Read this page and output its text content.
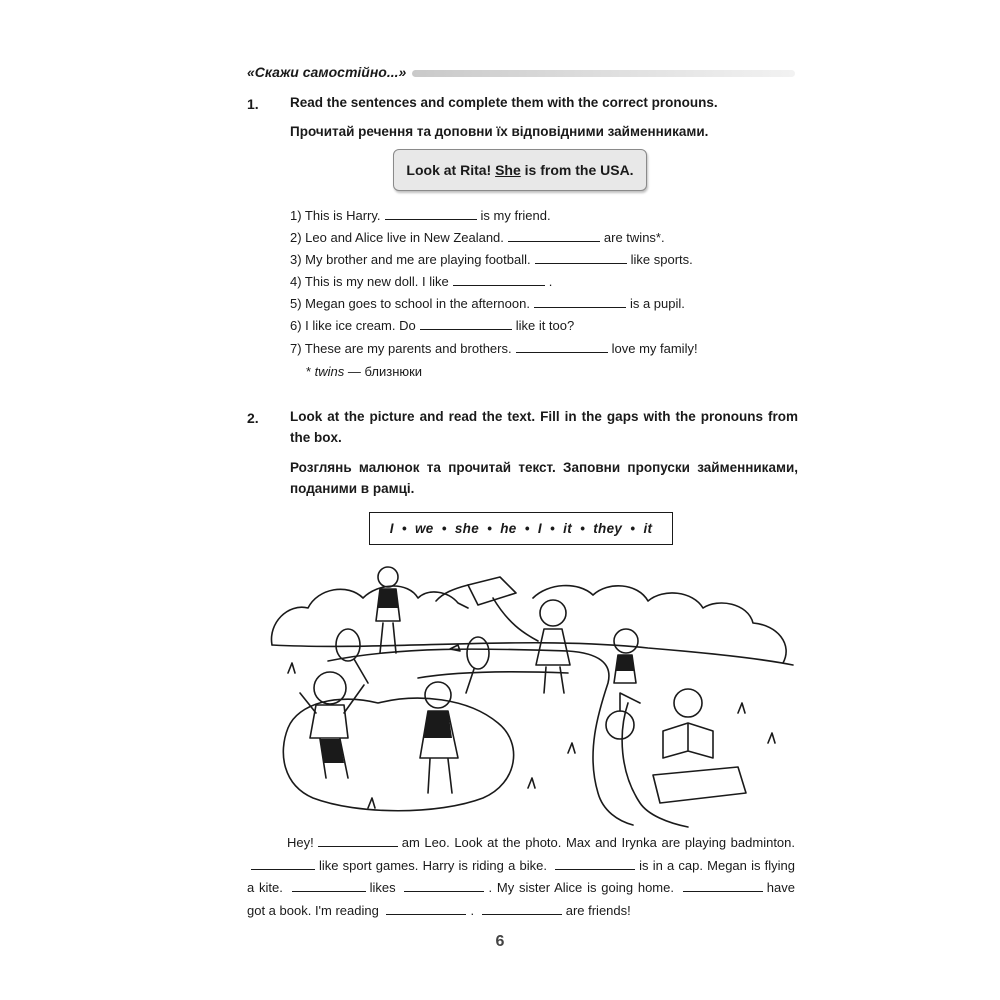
«Скажи самостійно...»
1. Read the sentences and complete them with the correct pronouns.
Прочитай речення та доповни їх відповідними займенниками.
Look at Rita! She is from the USA.
1) This is Harry.	is my friend.
2) Leo and Alice live in New Zealand.	are twins*.
3) My brother and me are playing football.	like sports.
4) This is my new doll. I like	.
5) Megan goes to school in the afternoon.	is a pupil.
6) I like ice cream. Do	like it too?
7) These are my parents and brothers.	love my family!
* twins — близнюки
2. Look at the picture and read the text. Fill in the gaps with the pronouns from the box.
Розглянь малюнок та прочитай текст. Заповни пропуски займенниками, поданими в рамці.
I • we • she • he • I • it • they • it
Hey!	am Leo. Look at the photo. Max and Irynka are playing badminton. like sport games. Harry is riding a bike.	is in a cap. Megan is flying a kite.	likes	. My sister Alice is going home.	have got a book. I'm reading	.	are friends!
6
